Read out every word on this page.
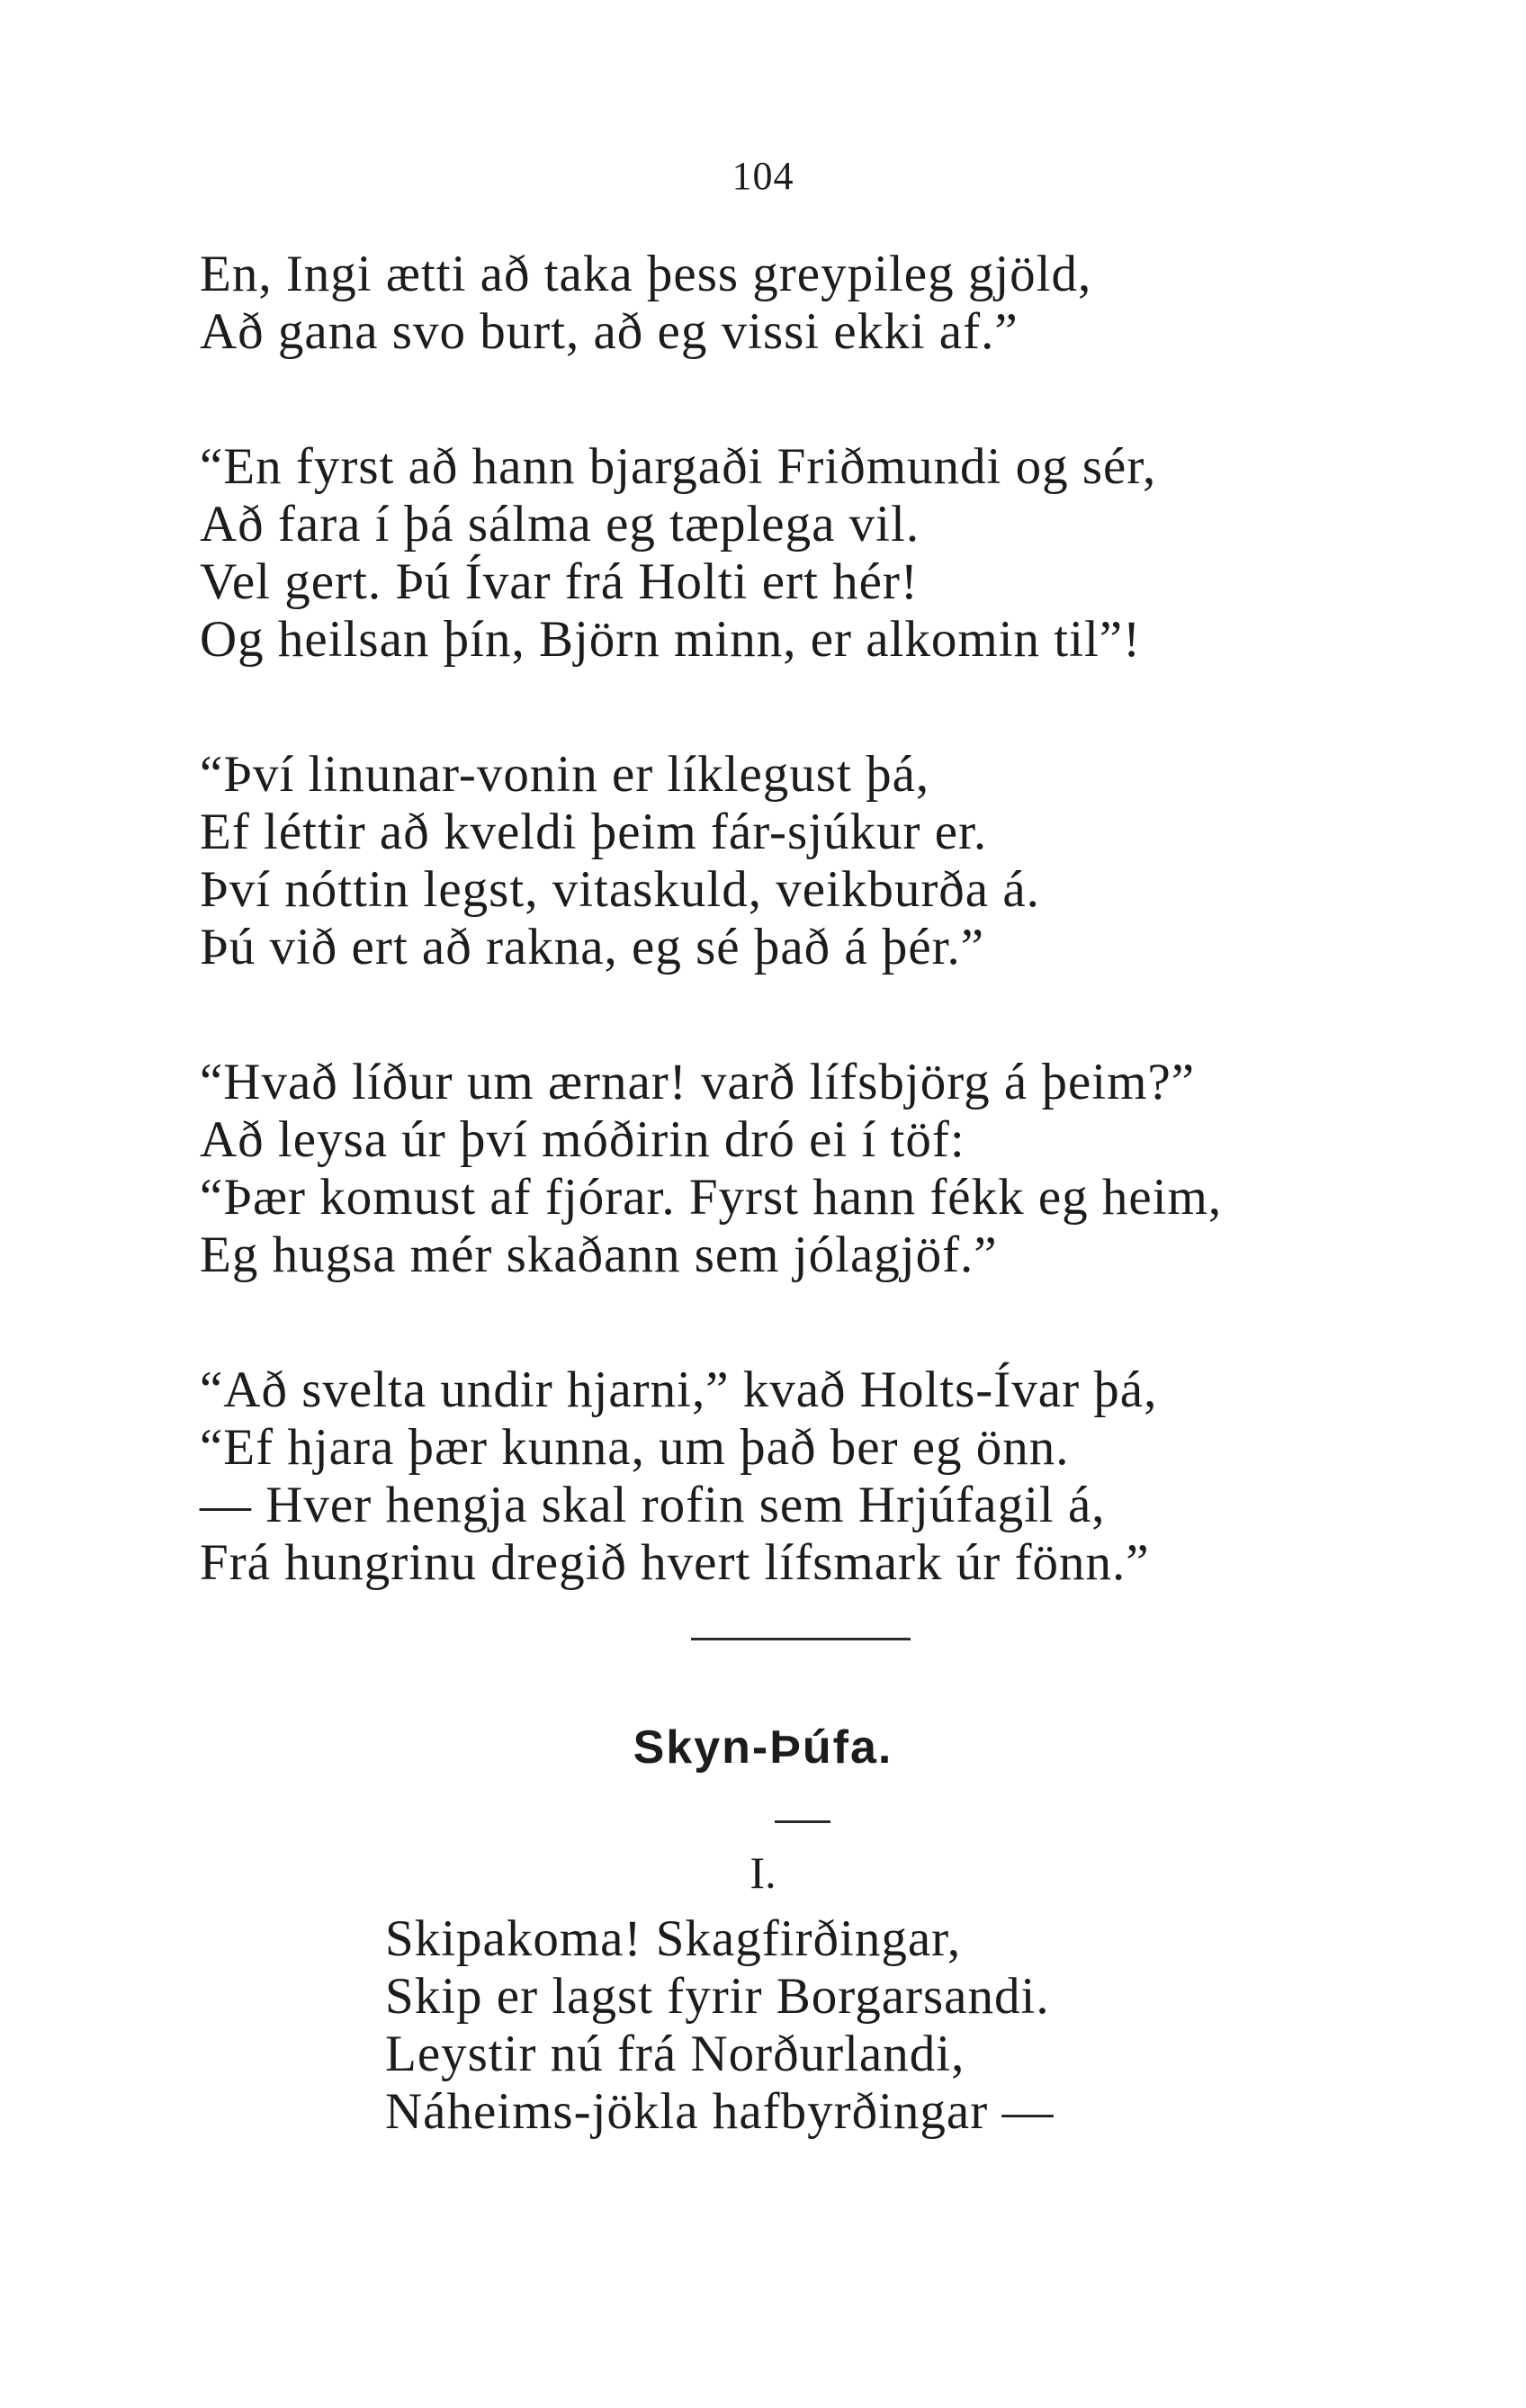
104
En, Ingi ætti að taka þess greypileg gjöld,
Að gana svo burt, að eg vissi ekki af.”
“En fyrst að hann bjargaði Friðmundi og sér,
Að fara í þá sálma eg tæplega vil.
Vel gert. Þú Ívar frá Holti ert hér!
Og heilsan þín, Björn minn, er alkomin til”!
“Því linunar-vonin er líklegust þá,
Ef léttir að kveldi þeim fár-sjúkur er.
Því nóttin legst, vitaskuld, veikburða á.
Þú við ert að rakna, eg sé það á þér.”
“Hvað líður um ærnar! varð lífsbjörg á þeim?”
Að leysa úr því móðirin dró ei í töf:
“Þær komust af fjórar. Fyrst hann fékk eg heim,
Eg hugsa mér skaðann sem jólagjöf.”
“Að svelta undir hjarni,” kvað Holts-Ívar þá,
“Ef hjara þær kunna, um það ber eg önn.
— Hver hengja skal rofin sem Hrjúfagil á,
Frá hungrinu dregið hvert lífsmark úr fönn.”
Skyn-Þúfa.
I.
Skipakoma! Skagfirðingar,
Skip er lagst fyrir Borgarsandi.
Leystir nú frá Norðurlandi,
Náheims-jökla hafbyrðingar —
